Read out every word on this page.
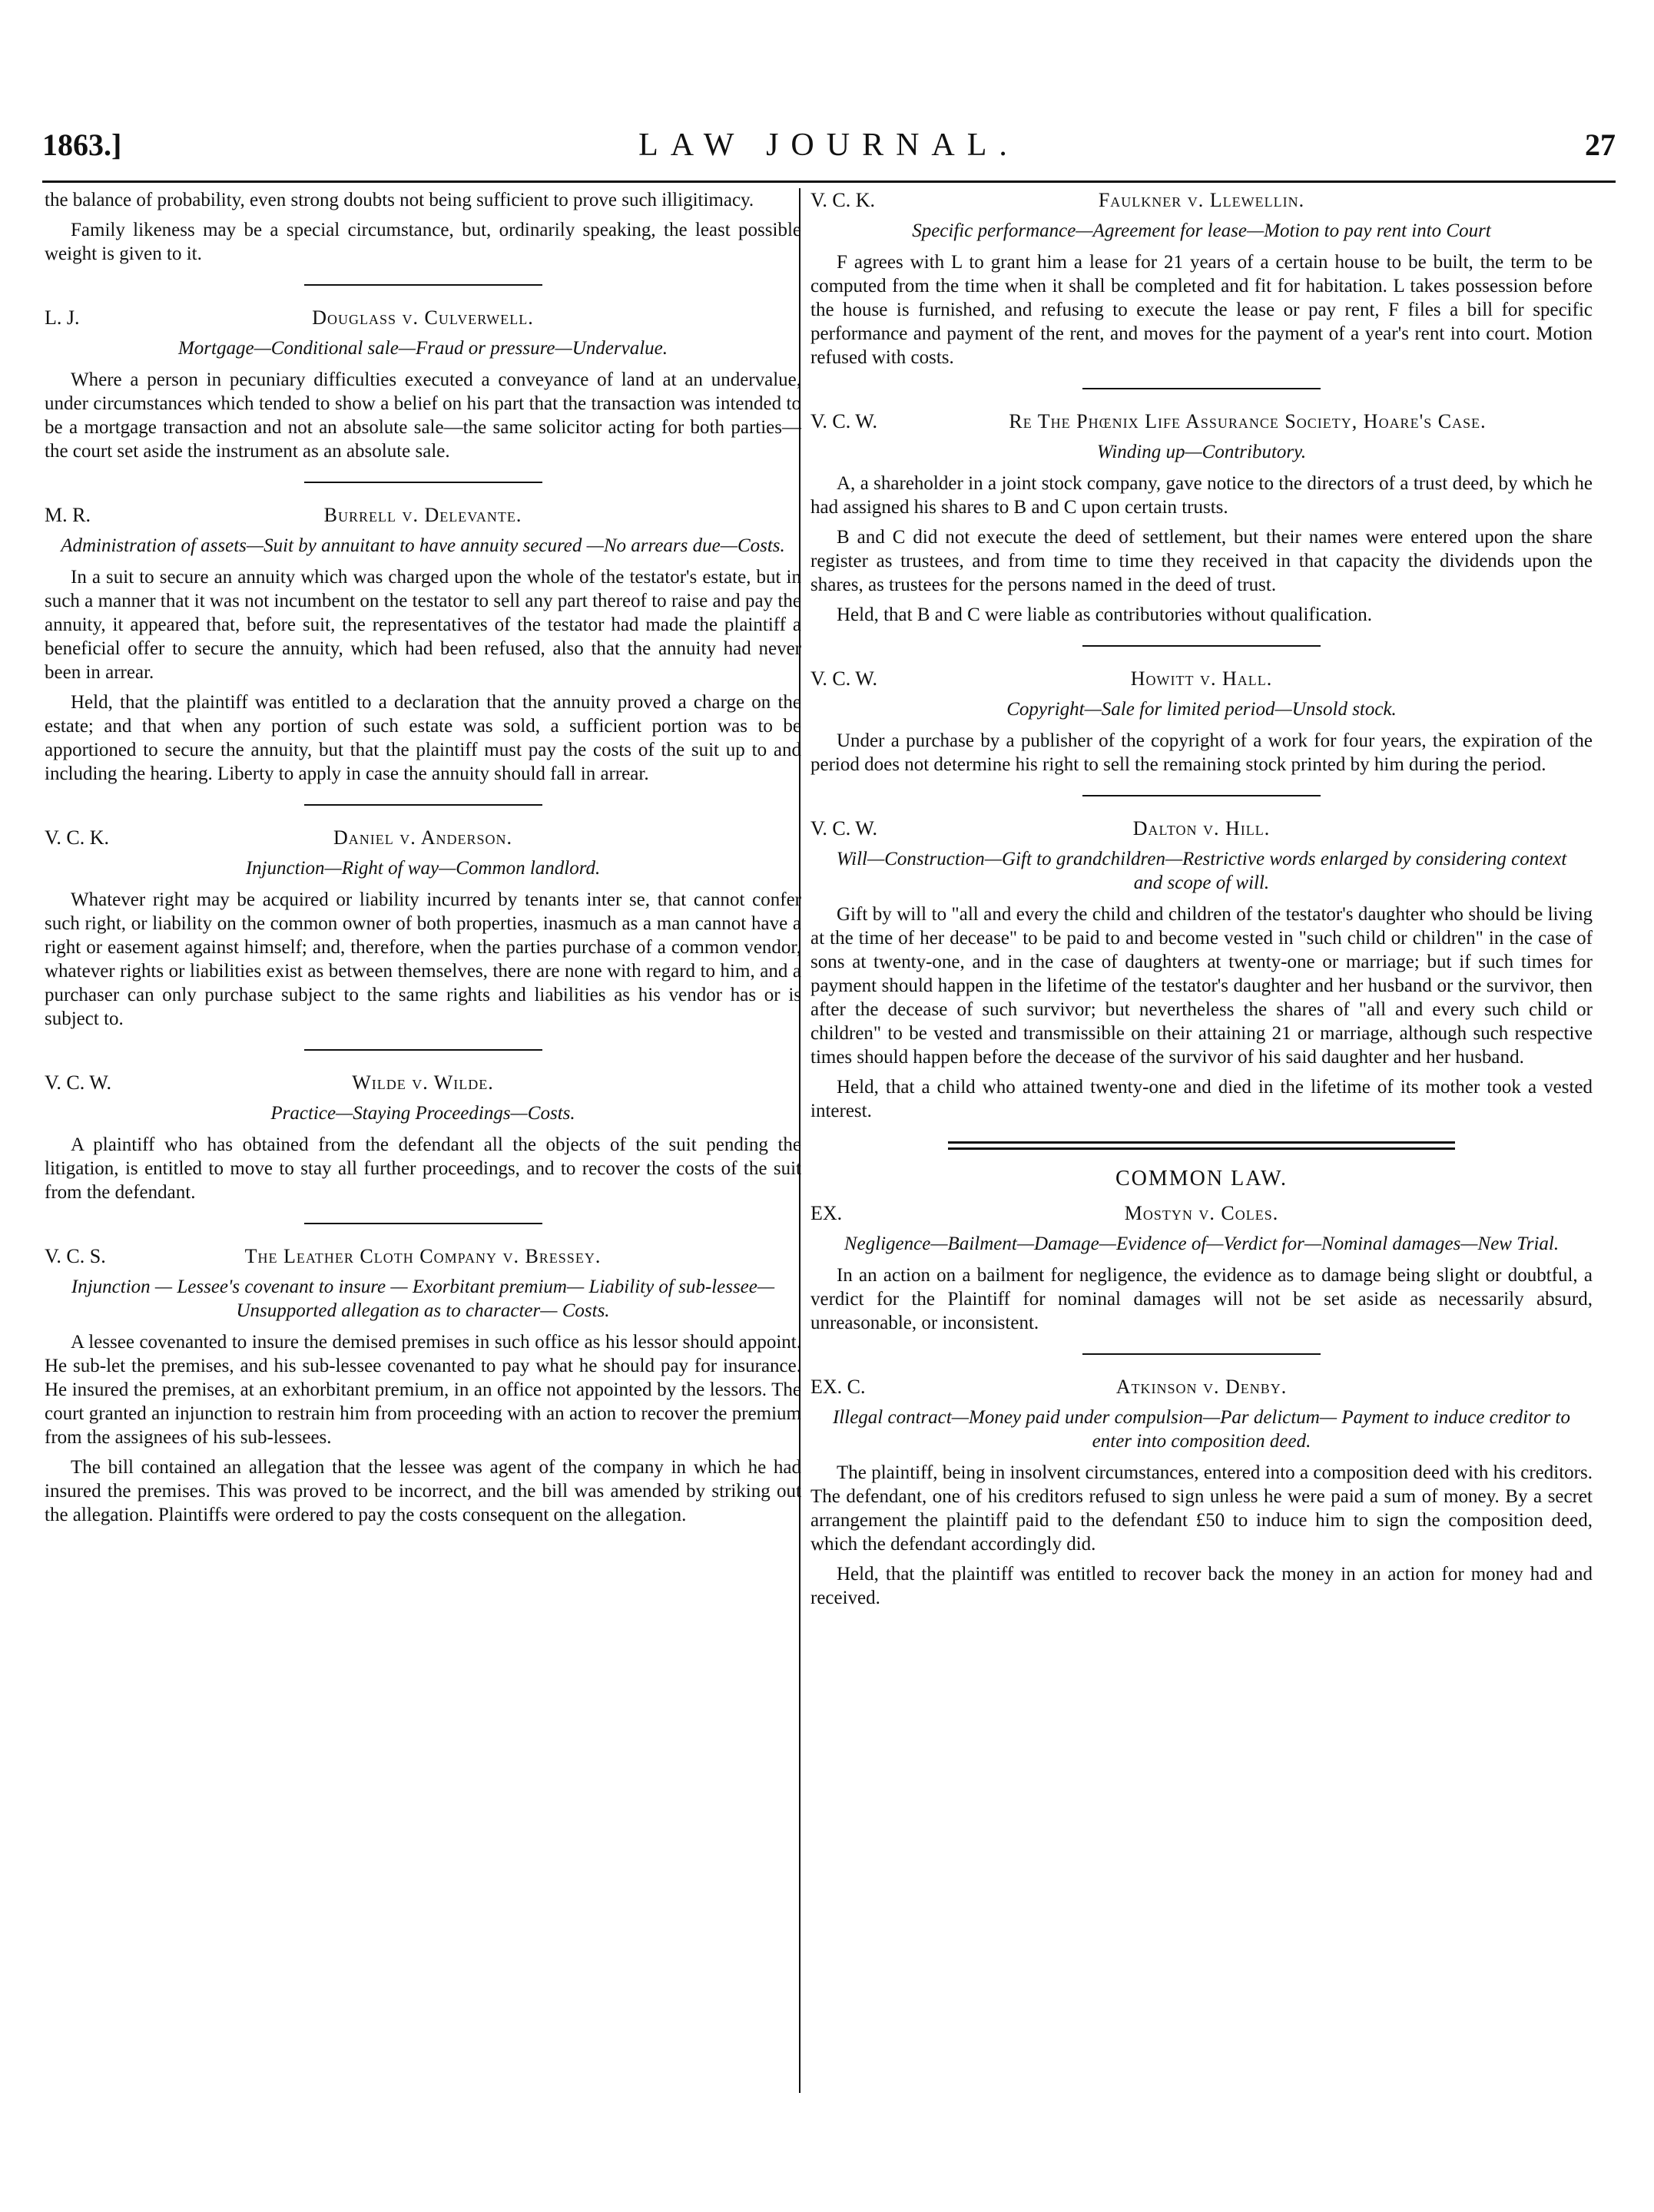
1863.]	LAW JOURNAL.	27

the balance of probability, even strong doubts not being sufficient to prove such illigitimacy.

Family likeness may be a special circumstance, but, ordinarily speaking, the least possible weight is given to it.

L. J.	Douglass v. Culverwell.
Mortgage—Conditional sale—Fraud or pressure—Undervalue.

Where a person in pecuniary difficulties executed a conveyance of land at an undervalue, under circumstances which tended to show a belief on his part that the transaction was intended to be a mortgage transaction and not an absolute sale—the same solicitor acting for both parties—the court set aside the instrument as an absolute sale.

M. R.	Burrell v. Delevante.
Administration of assets—Suit by annuitant to have annuity secured —No arrears due—Costs.

In a suit to secure an annuity which was charged upon the whole of the testator's estate, but in such a manner that it was not incumbent on the testator to sell any part thereof to raise and pay the annuity, it appeared that, before suit, the representatives of the testator had made the plaintiff a beneficial offer to secure the annuity, which had been refused, also that the annuity had never been in arrear.

Held, that the plaintiff was entitled to a declaration that the annuity proved a charge on the estate; and that when any portion of such estate was sold, a sufficient portion was to be apportioned to secure the annuity, but that the plaintiff must pay the costs of the suit up to and including the hearing. Liberty to apply in case the annuity should fall in arrear.

V. C. K.	Daniel v. Anderson.
Injunction—Right of way—Common landlord.

Whatever right may be acquired or liability incurred by tenants inter se, that cannot confer such right, or liability on the common owner of both properties, inasmuch as a man cannot have a right or easement against himself; and, therefore, when the parties purchase of a common vendor, whatever rights or liabilities exist as between themselves, there are none with regard to him, and a purchaser can only purchase subject to the same rights and liabilities as his vendor has or is subject to.

V. C. W.	Wilde v. Wilde.
Practice—Staying Proceedings—Costs.

A plaintiff who has obtained from the defendant all the objects of the suit pending the litigation, is entitled to move to stay all further proceedings, and to recover the costs of the suit from the defendant.

V. C. S.	The Leather Cloth Company v. Bressey.
Injunction — Lessee's covenant to insure — Exorbitant premium— Liability of sub-lessee— Unsupported allegation as to character— Costs.

A lessee covenanted to insure the demised premises in such office as his lessor should appoint. He sub-let the premises, and his sub-lessee covenanted to pay what he should pay for insurance. He insured the premises, at an exhorbitant premium, in an office not appointed by the lessors. The court granted an injunction to restrain him from proceeding with an action to recover the premium from the assignees of his sub-lessees.

The bill contained an allegation that the lessee was agent of the company in which he had insured the premises. This was proved to be incorrect, and the bill was amended by striking out the allegation. Plaintiffs were ordered to pay the costs consequent on the allegation.

V. C. K.	Faulkner v. Llewellin.
Specific performance—Agreement for lease—Motion to pay rent into Court

F agrees with L to grant him a lease for 21 years of a certain house to be built, the term to be computed from the time when it shall be completed and fit for habitation. L takes possession before the house is furnished, and refusing to execute the lease or pay rent, F files a bill for specific performance and payment of the rent, and moves for the payment of a year's rent into court. Motion refused with costs.

V. C. W.	Re The Phœnix Life Assurance Society, Hoare's Case.
Winding up—Contributory.

A, a shareholder in a joint stock company, gave notice to the directors of a trust deed, by which he had assigned his shares to B and C upon certain trusts.

B and C did not execute the deed of settlement, but their names were entered upon the share register as trustees, and from time to time they received in that capacity the dividends upon the shares, as trustees for the persons named in the deed of trust.

Held, that B and C were liable as contributories without qualification.

V. C. W.	Howitt v. Hall.
Copyright—Sale for limited period—Unsold stock.

Under a purchase by a publisher of the copyright of a work for four years, the expiration of the period does not determine his right to sell the remaining stock printed by him during the period.

V. C. W.	Dalton v. Hill.
Will—Construction—Gift to grandchildren—Restrictive words enlarged by considering context and scope of will.

Gift by will to "all and every the child and children of the testator's daughter who should be living at the time of her decease" to be paid to and become vested in "such child or children" in the case of sons at twenty-one, and in the case of daughters at twenty-one or marriage; but if such times for payment should happen in the lifetime of the testator's daughter and her husband or the survivor, then after the decease of such survivor; but nevertheless the shares of "all and every such child or children" to be vested and transmissible on their attaining 21 or marriage, although such respective times should happen before the decease of the survivor of his said daughter and her husband.

Held, that a child who attained twenty-one and died in the lifetime of its mother took a vested interest.

COMMON LAW.
EX.	Mostyn v. Coles.
Negligence—Bailment—Damage—Evidence of—Verdict for—Nominal damages—New Trial.

In an action on a bailment for negligence, the evidence as to damage being slight or doubtful, a verdict for the Plaintiff for nominal damages will not be set aside as necessarily absurd, unreasonable, or inconsistent.

EX. C.	Atkinson v. Denby.
Illegal contract—Money paid under compulsion—Par delictum— Payment to induce creditor to enter into composition deed.

The plaintiff, being in insolvent circumstances, entered into a composition deed with his creditors. The defendant, one of his creditors refused to sign unless he were paid a sum of money. By a secret arrangement the plaintiff paid to the defendant £50 to induce him to sign the composition deed, which the defendant accordingly did.

Held, that the plaintiff was entitled to recover back the money in an action for money had and received.
